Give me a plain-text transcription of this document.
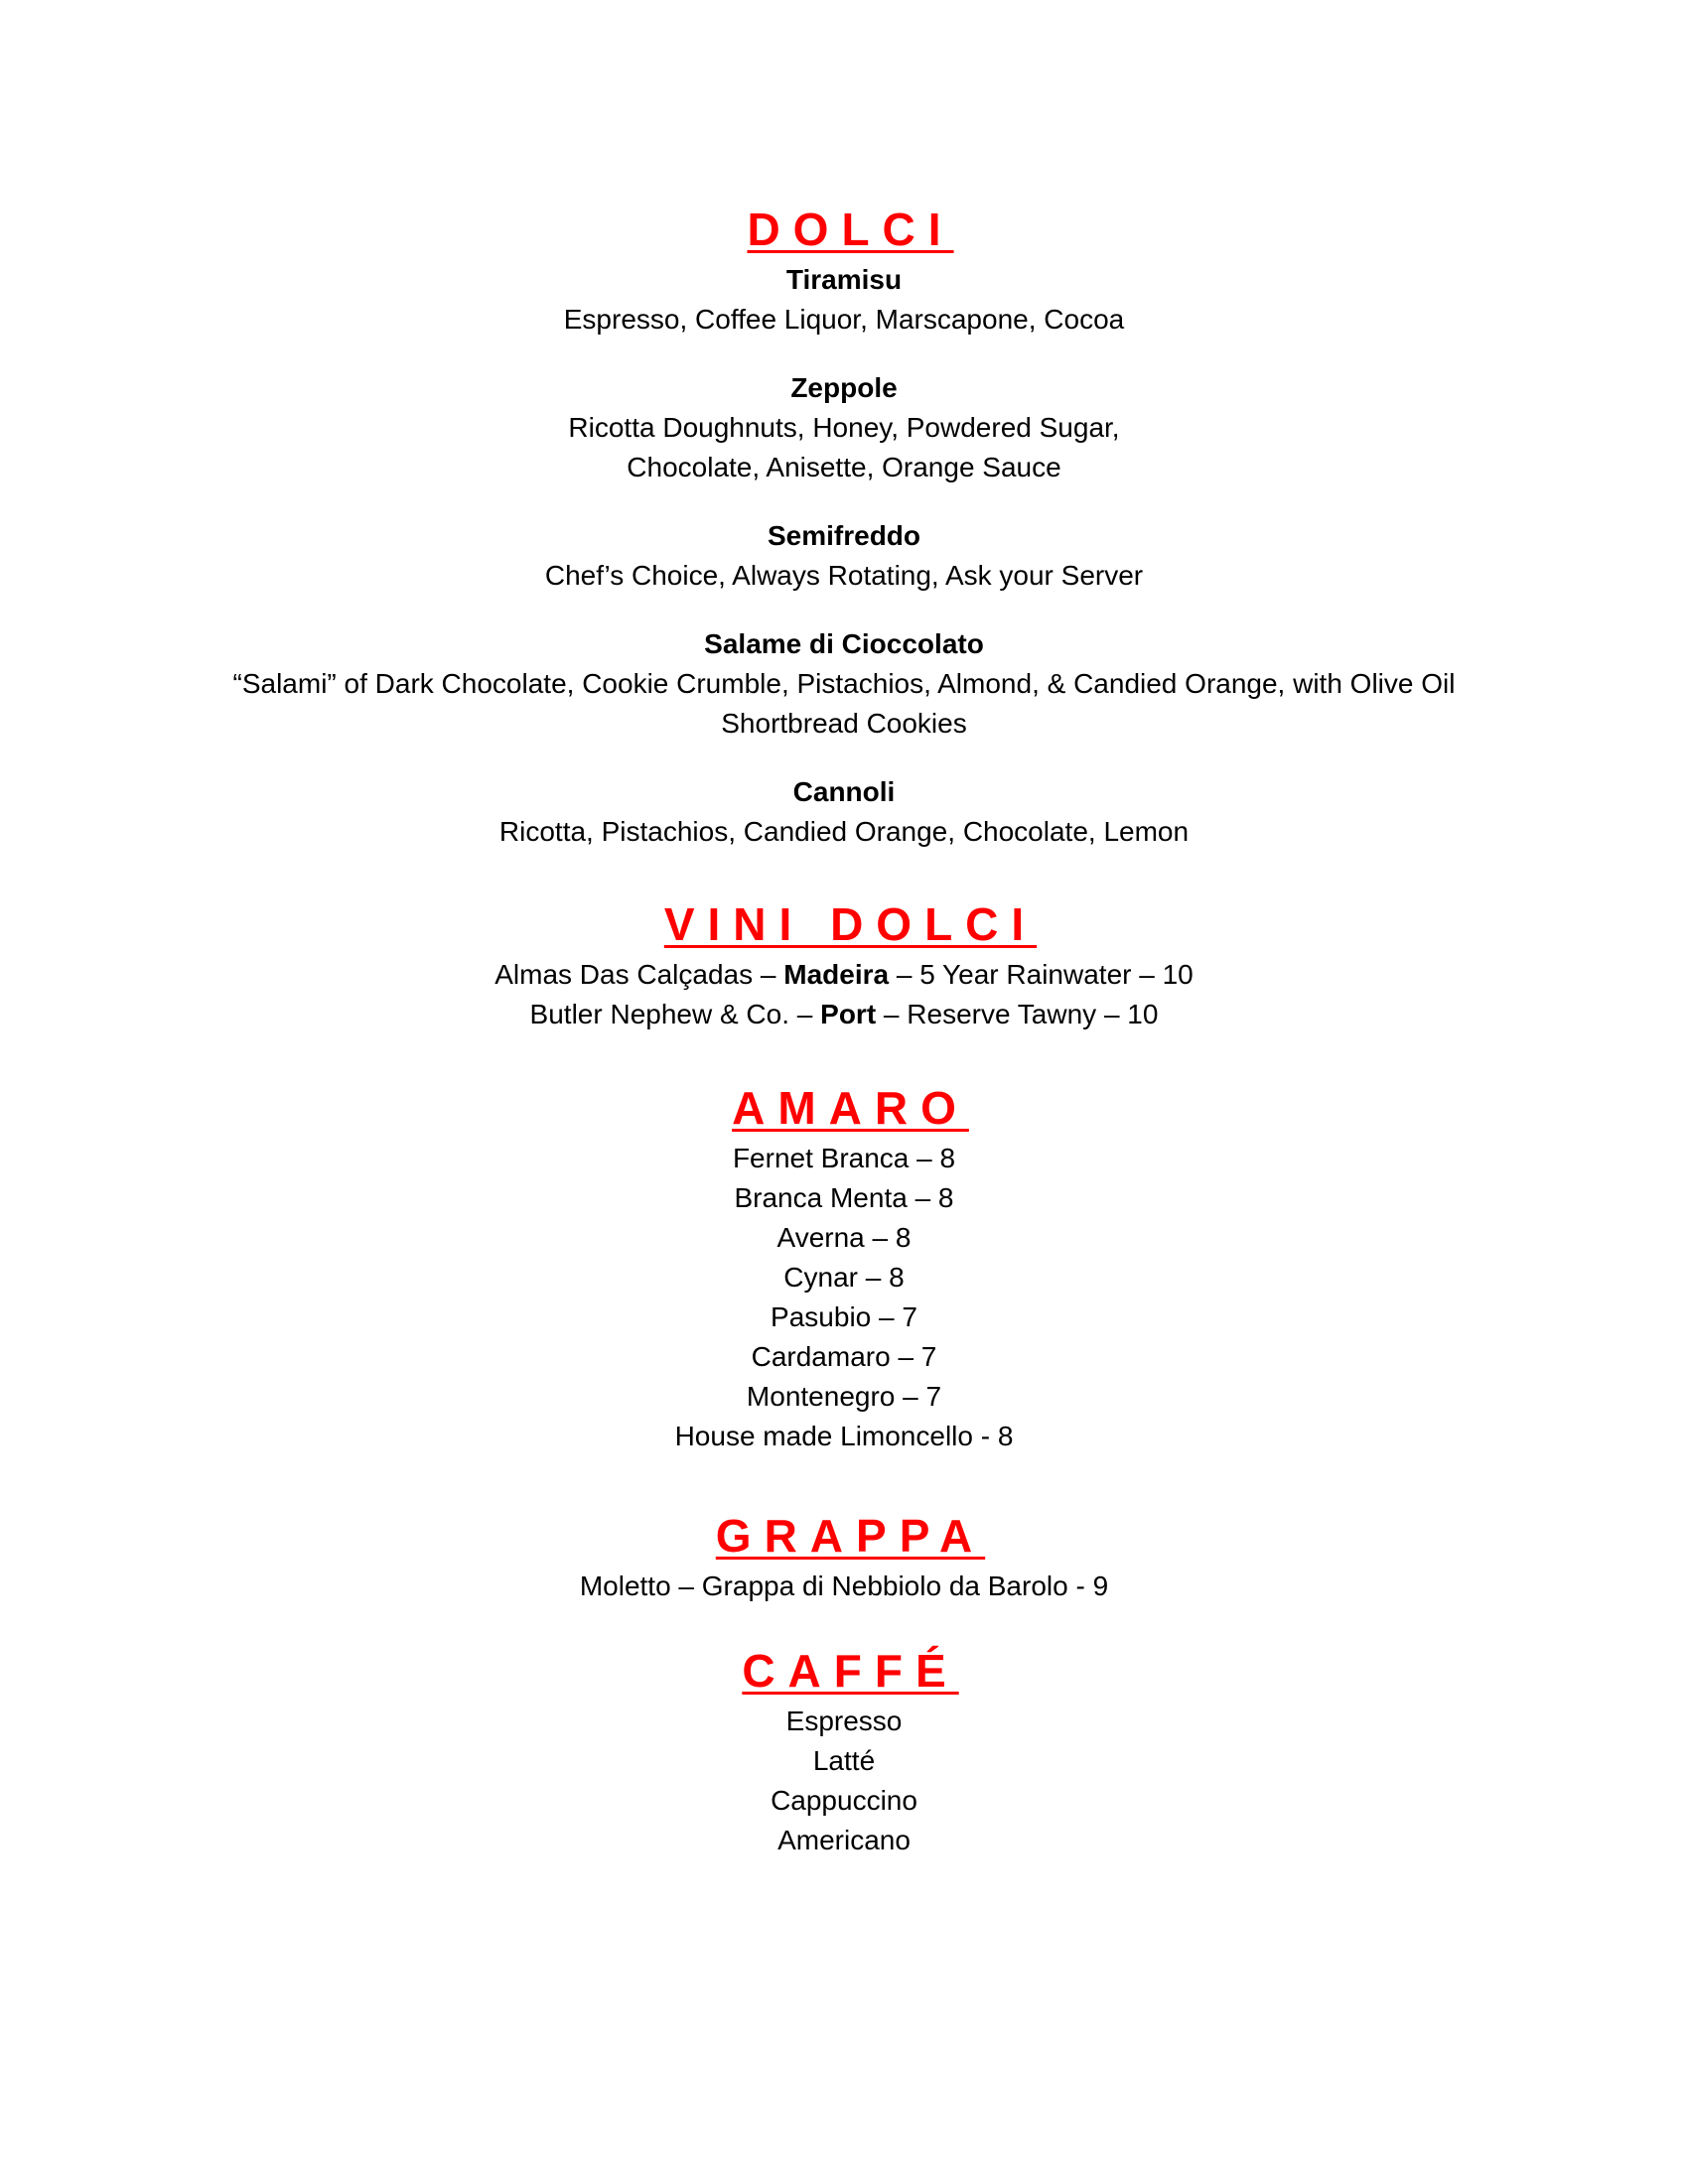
DOLCI

Tiramisu

Espresso, Coffee Liquor, Marscapone, Cocoa

Zeppole

Ricotta Doughnuts, Honey, Powdered Sugar,

Chocolate, Anisette, Orange Sauce

Semifreddo

Chef’s Choice, Always Rotating, Ask your Server

Salame di Cioccolato

“Salami” of Dark Chocolate, Cookie Crumble, Pistachios, Almond, & Candied Orange, with Olive Oil

Shortbread Cookies

Cannoli

Ricotta, Pistachios, Candied Orange, Chocolate, Lemon

VINI DOLCI

Almas Das Calçadas – Madeira – 5 Year Rainwater – 10

Butler Nephew & Co. – Port – Reserve Tawny – 10

AMARO

Fernet Branca – 8

Branca Menta – 8

Averna – 8

Cynar – 8

Pasubio – 7

Cardamaro – 7

Montenegro – 7

House made Limoncello - 8

GRAPPA

Moletto – Grappa di Nebbiolo da Barolo - 9

CAFFÉ

Espresso

Latté

Cappuccino

Americano
